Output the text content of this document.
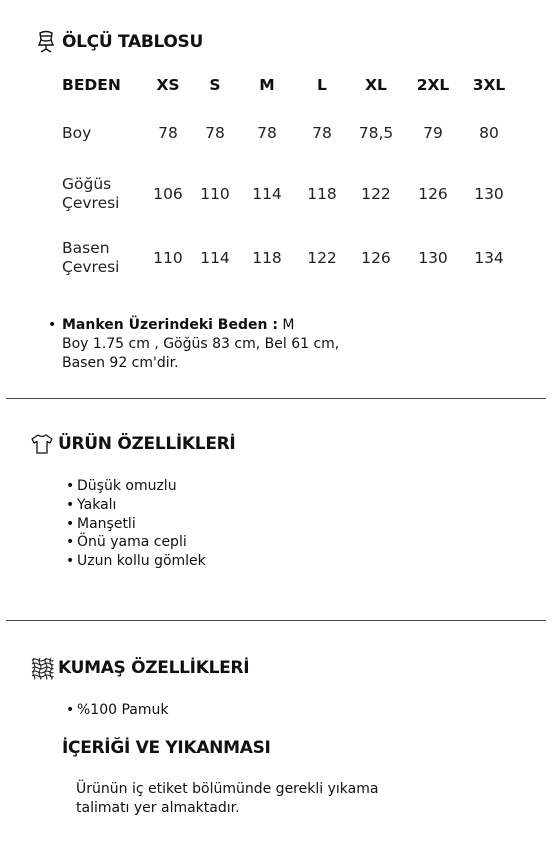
ÖLÇÜ TABLOSU
BEDEN	XS	S	M	L	XL	2XL	3XL
Boy	78	78	78	78	78,5	79	80
Göğüs
Çevresi	106	110	114	118	122	126	130
Basen
Çevresi	110	114	118	122	126	130	134
• Manken Üzerindeki Beden : M
Boy 1.75 cm , Göğüs 83 cm, Bel 61 cm,
Basen 92 cm'dir.
ÜRÜN ÖZELLİKLERİ
• Düşük omuzlu
• Yakalı
• Manşetli
• Önü yama cepli
• Uzun kollu gömlek
KUMAŞ ÖZELLİKLERİ
• %100 Pamuk
İÇERİĞİ VE YIKANMASI
Ürünün iç etiket bölümünde gerekli yıkama talimatı yer almaktadır.
